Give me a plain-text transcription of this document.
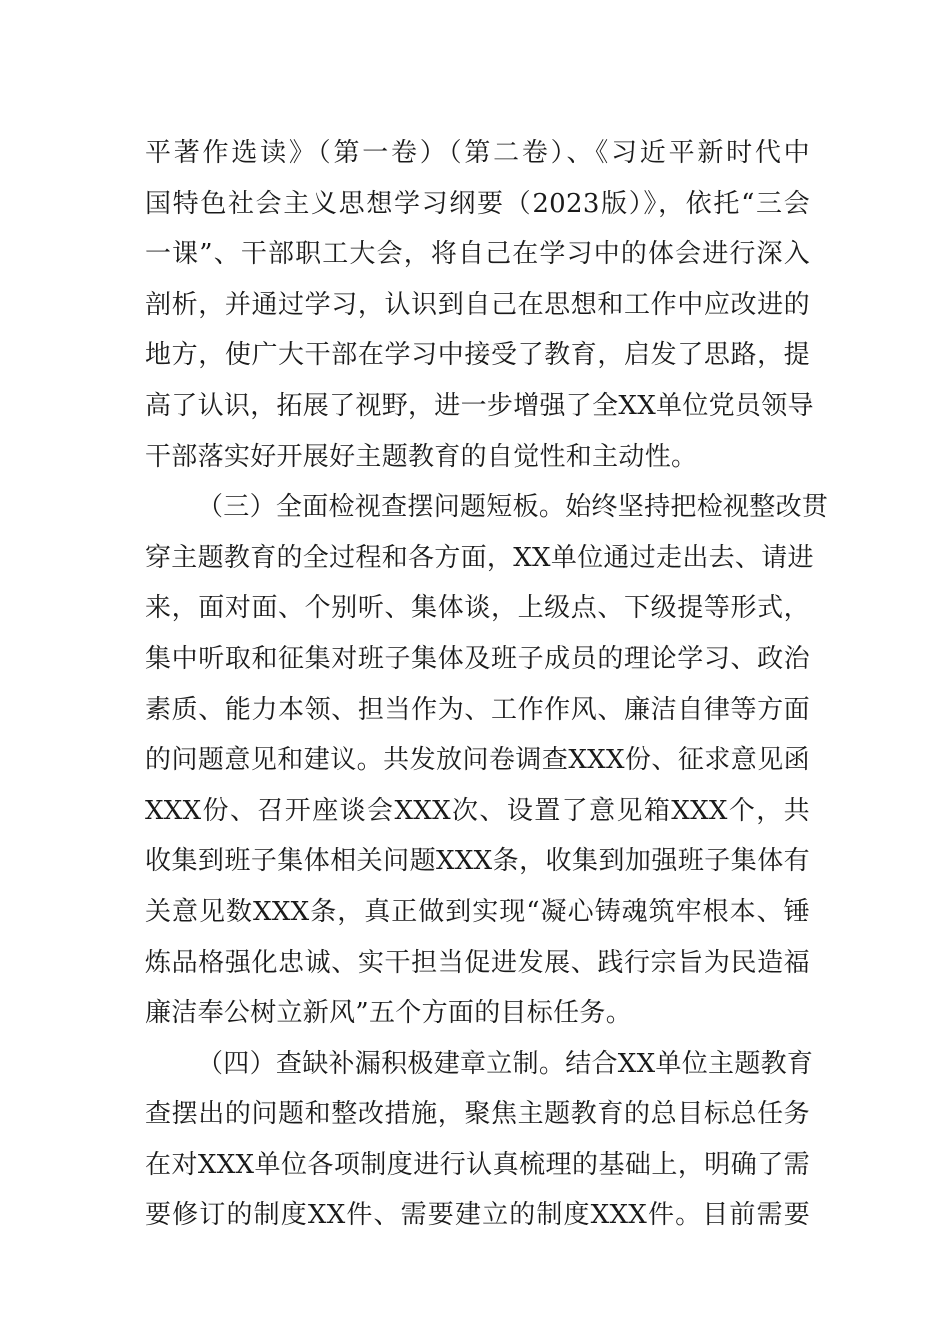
平著作选读》（第一卷）（第二卷）、《习近平新时代中
国特色社会主义思想学习纲要（2023版）》，依托“三会
一课”、干部职工大会，将自己在学习中的体会进行深入
剖析，并通过学习，认识到自己在思想和工作中应改进的
地方，使广大干部在学习中接受了教育，启发了思路，提
高了认识，拓展了视野，进一步增强了全XX单位党员领导
干部落实好开展好主题教育的自觉性和主动性。
（三）全面检视查摆问题短板。始终坚持把检视整改贯
穿主题教育的全过程和各方面，XX单位通过走出去、请进
来，面对面、个别听、集体谈，上级点、下级提等形式，
集中听取和征集对班子集体及班子成员的理论学习、政治
素质、能力本领、担当作为、工作作风、廉洁自律等方面
的问题意见和建议。共发放问卷调查XXX份、征求意见函
XXX份、召开座谈会XXX次、设置了意见箱XXX个，共
收集到班子集体相关问题XXX条，收集到加强班子集体有
关意见数XXX条，真正做到实现“凝心铸魂筑牢根本、锤
炼品格强化忠诚、实干担当促进发展、践行宗旨为民造福
廉洁奉公树立新风”五个方面的目标任务。
（四）查缺补漏积极建章立制。结合XX单位主题教育
查摆出的问题和整改措施，聚焦主题教育的总目标总任务
在对XXX单位各项制度进行认真梳理的基础上，明确了需
要修订的制度XX件、需要建立的制度XXX件。目前需要
